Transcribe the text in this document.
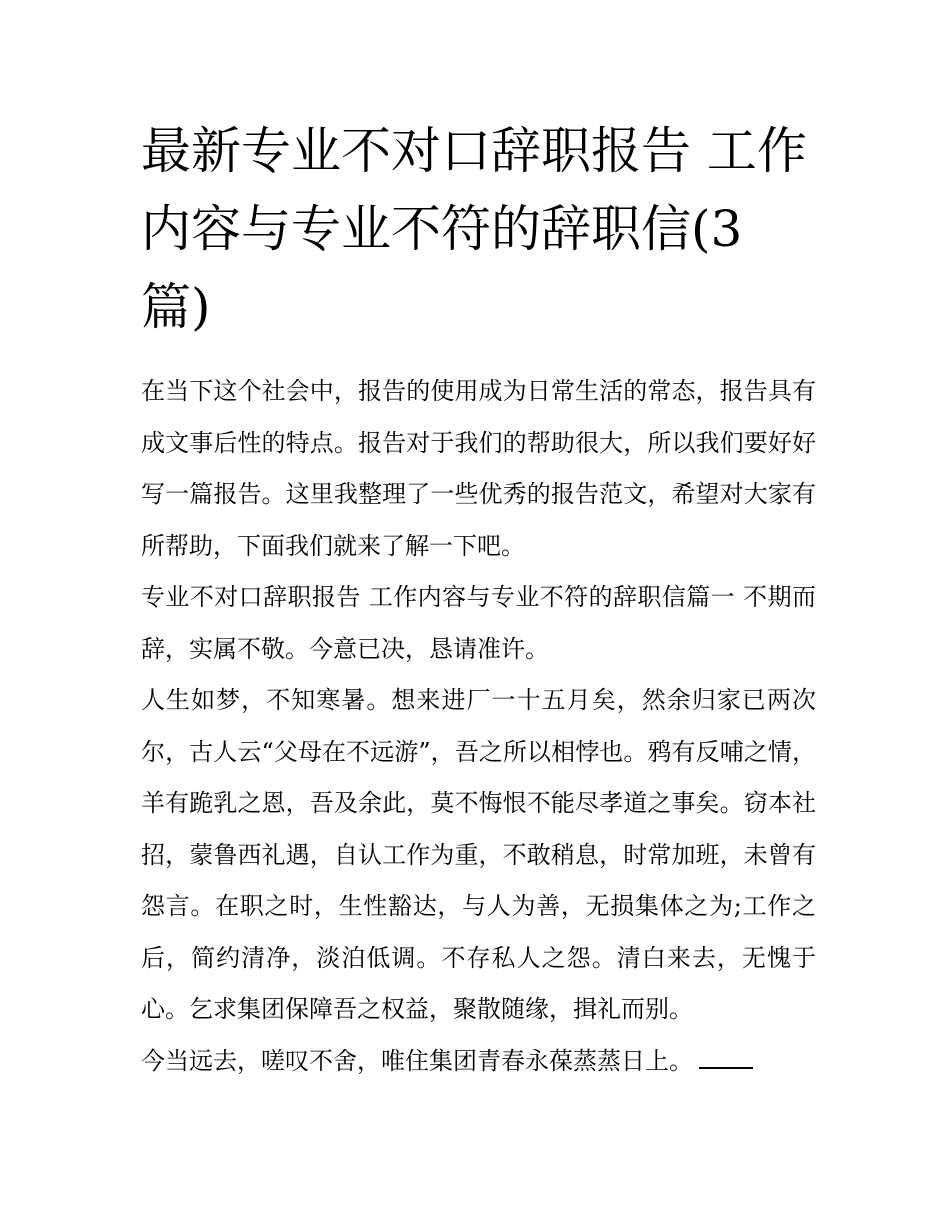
最新专业不对口辞职报告 工作
内容与专业不符的辞职信(3
篇)

在当下这个社会中，报告的使用成为日常生活的常态，报告具有成文事后性的特点。报告对于我们的帮助很大，所以我们要好好写一篇报告。这里我整理了一些优秀的报告范文，希望对大家有所帮助，下面我们就来了解一下吧。

专业不对口辞职报告 工作内容与专业不符的辞职信篇一 不期而辞，实属不敬。今意已决，恳请准许。

人生如梦，不知寒暑。想来进厂一十五月矣，然余归家已两次尔，古人云“父母在不远游”，吾之所以相悖也。鸦有反哺之情，羊有跪乳之恩，吾及余此，莫不悔恨不能尽孝道之事矣。窃本社招，蒙鲁西礼遇，自认工作为重，不敢稍息，时常加班，未曾有怨言。在职之时，生性豁达，与人为善，无损集体之为;工作之后，简约清净，淡泊低调。不存私人之怨。清白来去，无愧于心。乞求集团保障吾之权益，聚散随缘，揖礼而别。

今当远去，嗟叹不舍，唯住集团青春永葆蒸蒸日上。
